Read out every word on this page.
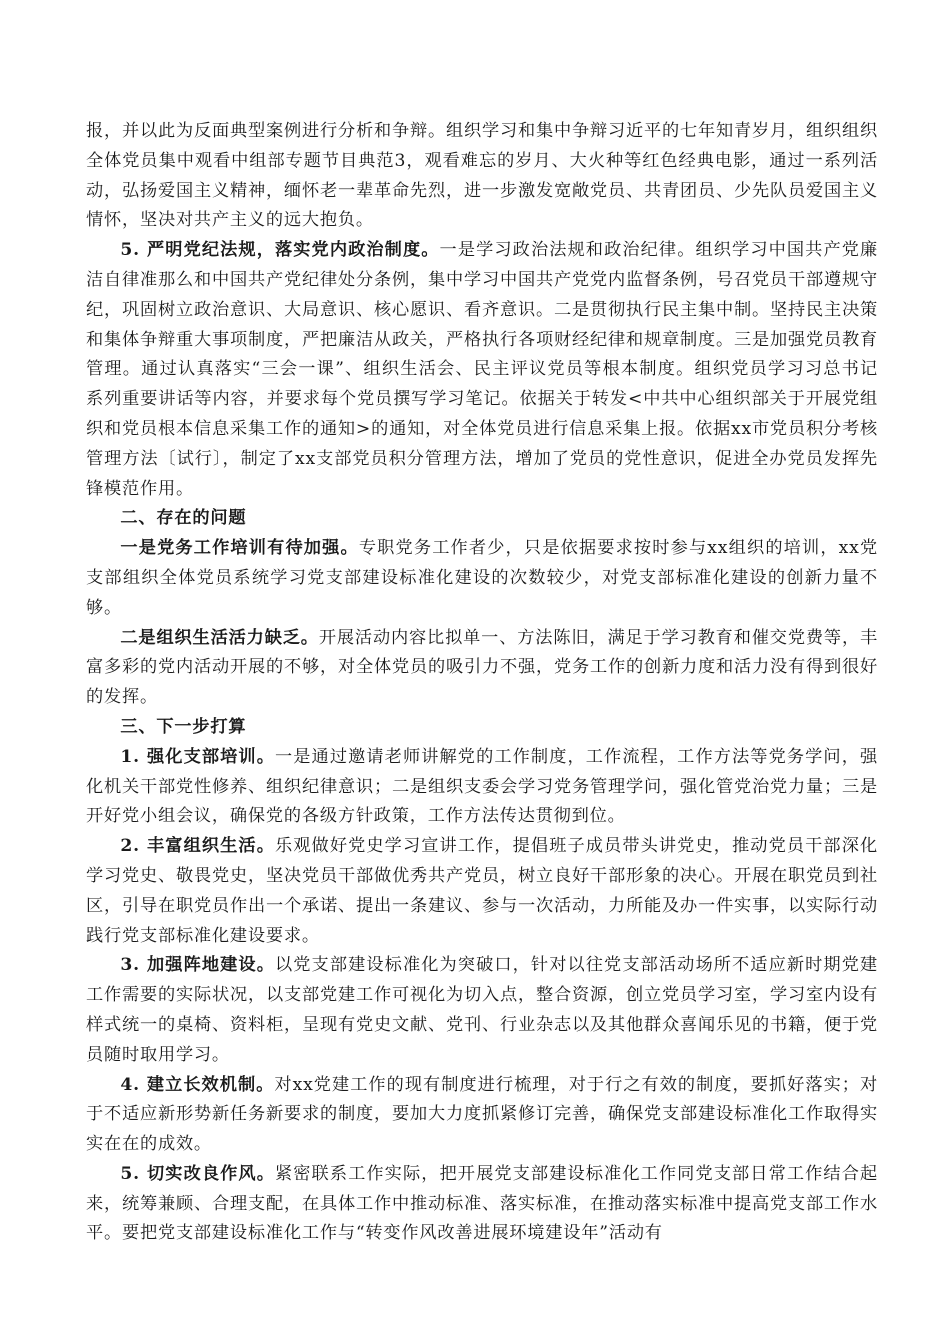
报，并以此为反面典型案例进行分析和争辩。组织学习和集中争辩习近平的七年知青岁月，组织组织全体党员集中观看中组部专题节目典范3，观看难忘的岁月、大火种等红色经典电影，通过一系列活动，弘扬爱国主义精神，缅怀老一辈革命先烈，进一步激发宽敞党员、共青团员、少先队员爱国主义情怀，坚决对共产主义的远大抱负。

5. 严明党纪法规，落实党内政治制度。一是学习政治法规和政治纪律。组织学习中国共产党廉洁自律准那么和中国共产党纪律处分条例，集中学习中国共产党党内监督条例，号召党员干部遵规守纪，巩固树立政治意识、大局意识、核心愿识、看齐意识。二是贯彻执行民主集中制。坚持民主决策和集体争辩重大事项制度，严把廉洁从政关，严格执行各项财经纪律和规章制度。三是加强党员教育管理。通过认真落实“三会一课”、组织生活会、民主评议党员等根本制度。组织党员学习习总书记系列重要讲话等内容，并要求每个党员撰写学习笔记。依据关于转发<中共中心组织部关于开展党组织和党员根本信息采集工作的通知>的通知，对全体党员进行信息采集上报。依据xx市党员积分考核管理方法〔试行〕，制定了xx支部党员积分管理方法，增加了党员的党性意识，促进全办党员发挥先锋模范作用。

二、存在的问题

一是党务工作培训有待加强。专职党务工作者少，只是依据要求按时参与xx组织的培训，xx党支部组织全体党员系统学习党支部建设标准化建设的次数较少，对党支部标准化建设的创新力量不够。

二是组织生活活力缺乏。开展活动内容比拟单一、方法陈旧，满足于学习教育和催交党费等，丰富多彩的党内活动开展的不够，对全体党员的吸引力不强，党务工作的创新力度和活力没有得到很好的发挥。

三、下一步打算

1. 强化支部培训。一是通过邀请老师讲解党的工作制度，工作流程，工作方法等党务学问，强化机关干部党性修养、组织纪律意识；二是组织支委会学习党务管理学问，强化管党治党力量；三是开好党小组会议，确保党的各级方针政策，工作方法传达贯彻到位。

2. 丰富组织生活。乐观做好党史学习宣讲工作，提倡班子成员带头讲党史，推动党员干部深化学习党史、敬畏党史，坚决党员干部做优秀共产党员，树立良好干部形象的决心。开展在职党员到社区，引导在职党员作出一个承诺、提出一条建议、参与一次活动，力所能及办一件实事，以实际行动践行党支部标准化建设要求。

3. 加强阵地建设。以党支部建设标准化为突破口，针对以往党支部活动场所不适应新时期党建工作需要的实际状况，以支部党建工作可视化为切入点，整合资源，创立党员学习室，学习室内设有样式统一的桌椅、资料柜，呈现有党史文献、党刊、行业杂志以及其他群众喜闻乐见的书籍，便于党员随时取用学习。

4. 建立长效机制。对xx党建工作的现有制度进行梳理，对于行之有效的制度，要抓好落实；对于不适应新形势新任务新要求的制度，要加大力度抓紧修订完善，确保党支部建设标准化工作取得实实在在的成效。

5. 切实改良作风。紧密联系工作实际，把开展党支部建设标准化工作同党支部日常工作结合起来，统筹兼顾、合理支配，在具体工作中推动标准、落实标准，在推动落实标准中提高党支部工作水平。要把党支部建设标准化工作与“转变作风改善进展环境建设年”活动有
